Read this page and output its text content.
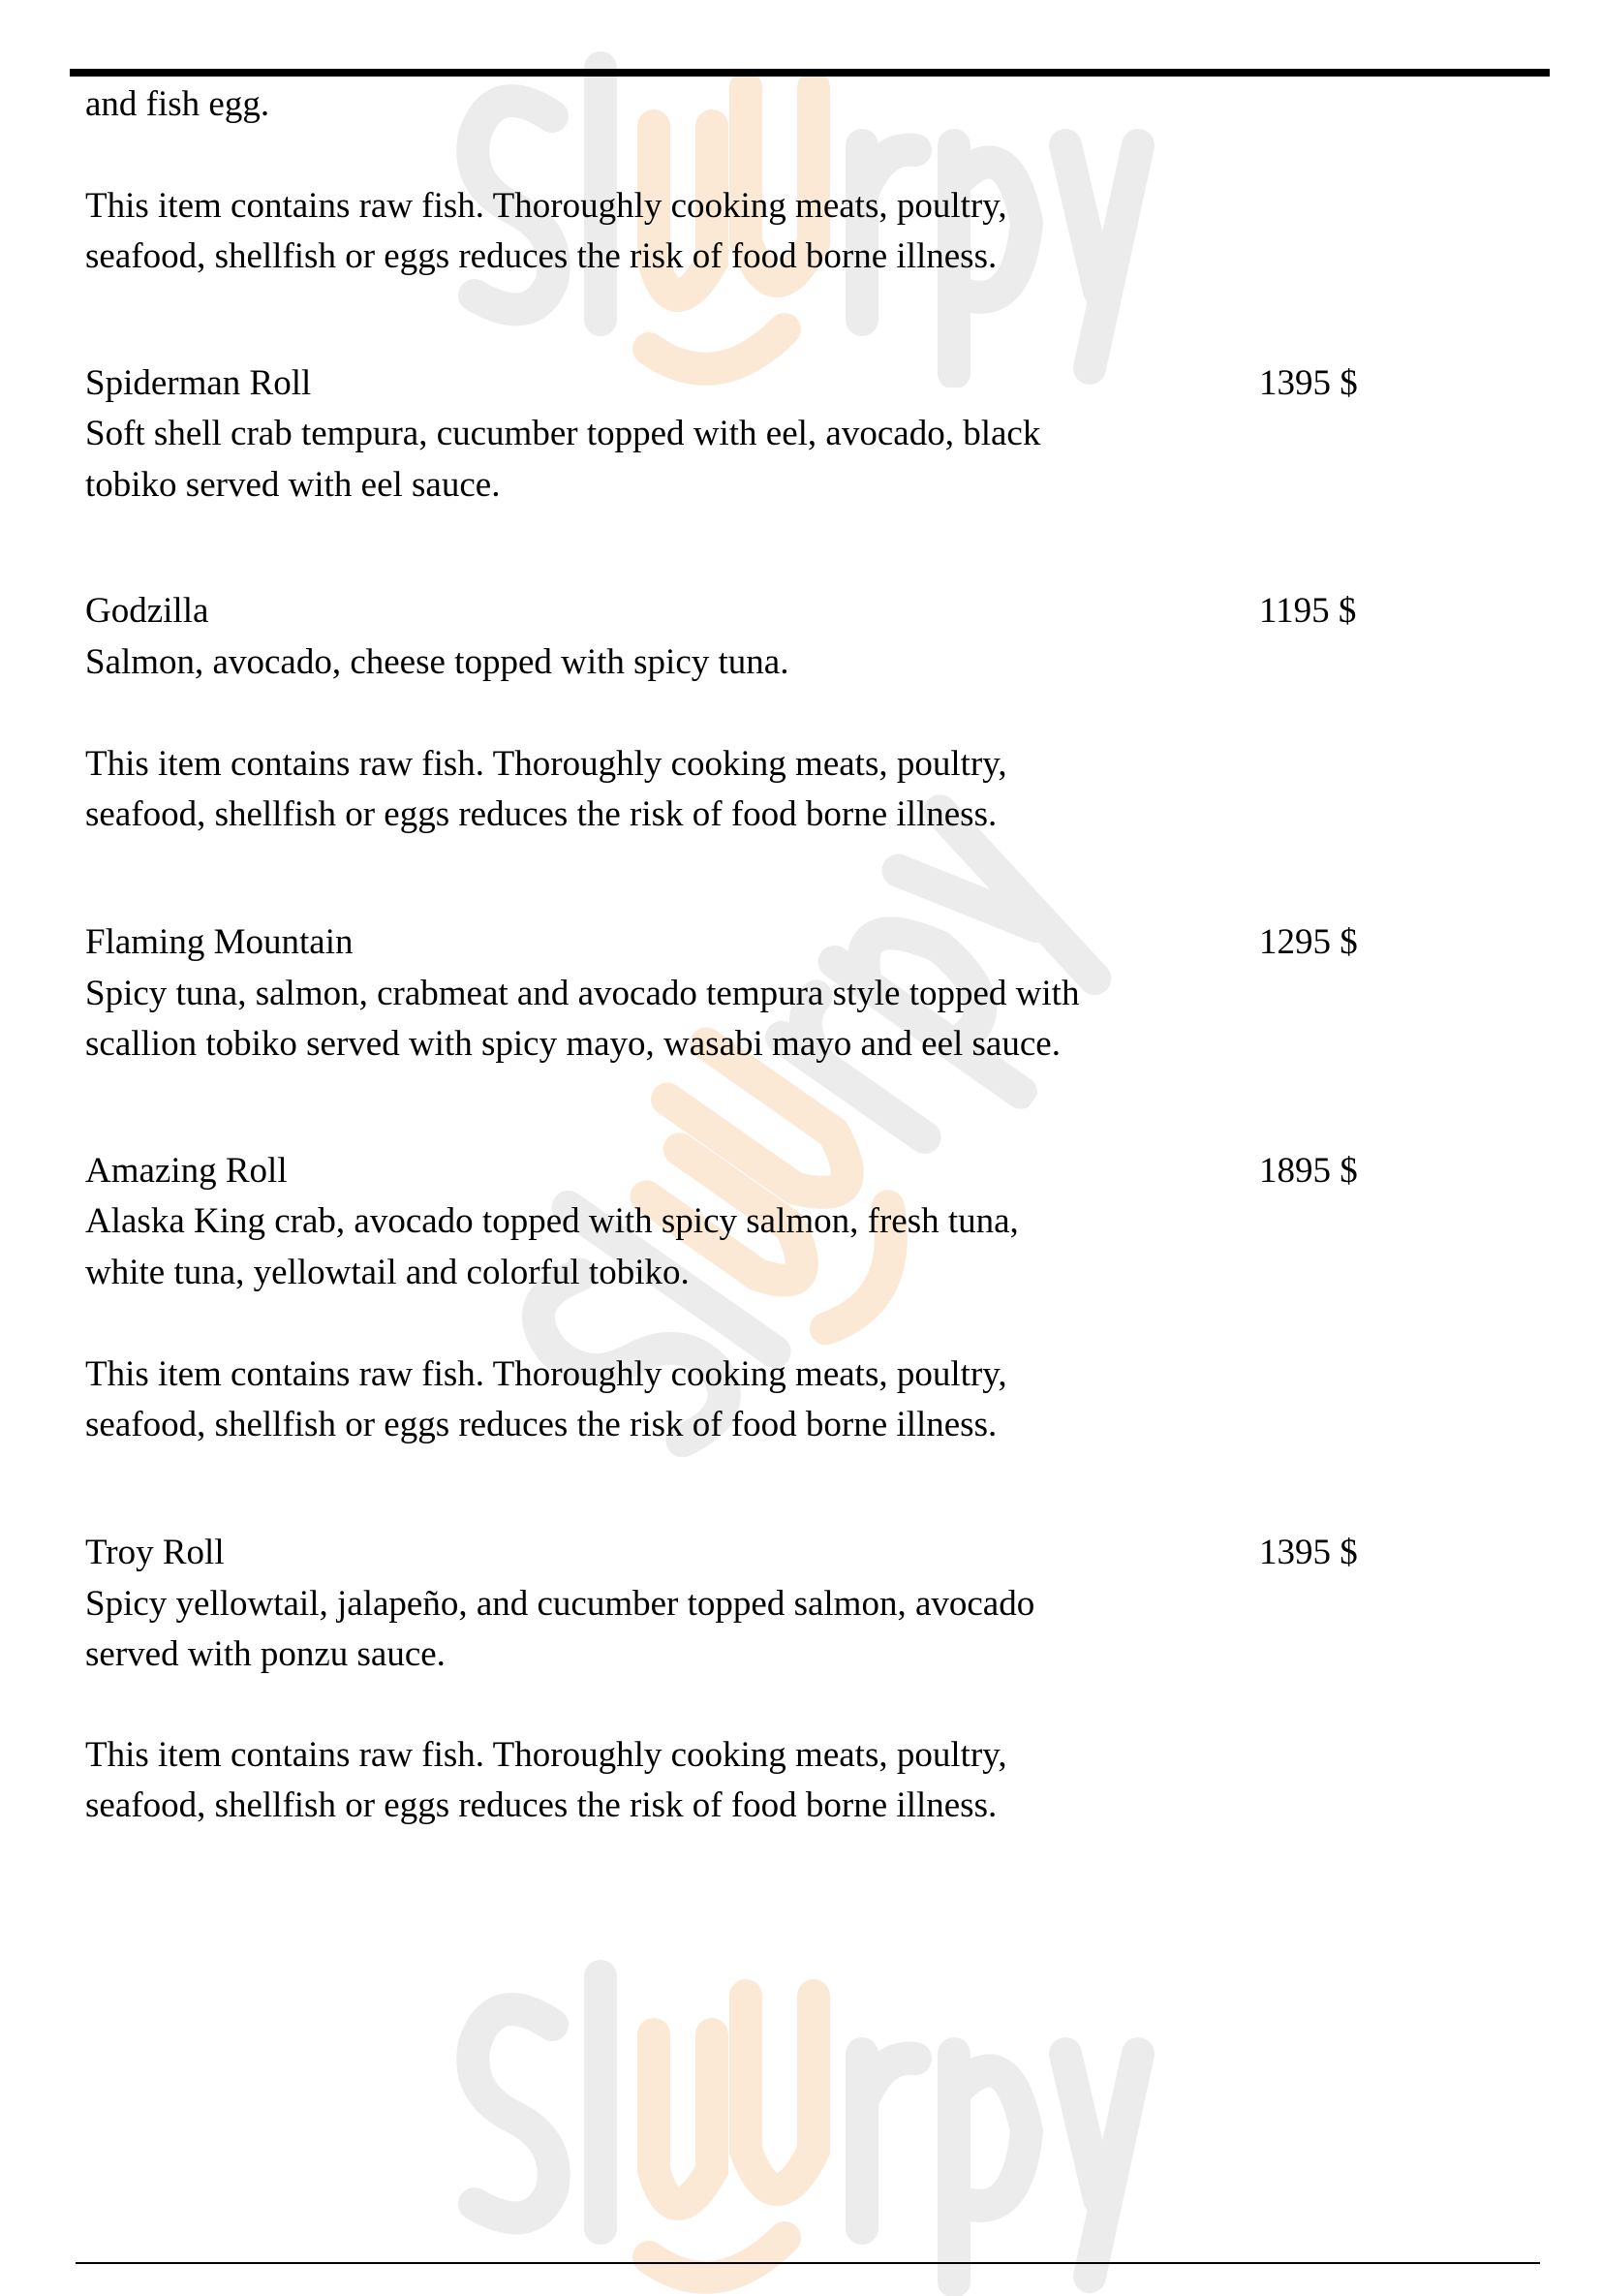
and fish egg.
This item contains raw fish. Thoroughly cooking meats, poultry,
seafood, shellfish or eggs reduces the risk of food borne illness.
Spiderman Roll	1395 $
Soft shell crab tempura, cucumber topped with eel, avocado, black
tobiko served with eel sauce.
Godzilla	1195 $
Salmon, avocado, cheese topped with spicy tuna.
This item contains raw fish. Thoroughly cooking meats, poultry,
seafood, shellfish or eggs reduces the risk of food borne illness.
Flaming Mountain	1295 $
Spicy tuna, salmon, crabmeat and avocado tempura style topped with
scallion tobiko served with spicy mayo, wasabi mayo and eel sauce.
Amazing Roll	1895 $
Alaska King crab, avocado topped with spicy salmon, fresh tuna,
white tuna, yellowtail and colorful tobiko.
This item contains raw fish. Thoroughly cooking meats, poultry,
seafood, shellfish or eggs reduces the risk of food borne illness.
Troy Roll	1395 $
Spicy yellowtail, jalapeño, and cucumber topped salmon, avocado
served with ponzu sauce.
This item contains raw fish. Thoroughly cooking meats, poultry,
seafood, shellfish or eggs reduces the risk of food borne illness.
